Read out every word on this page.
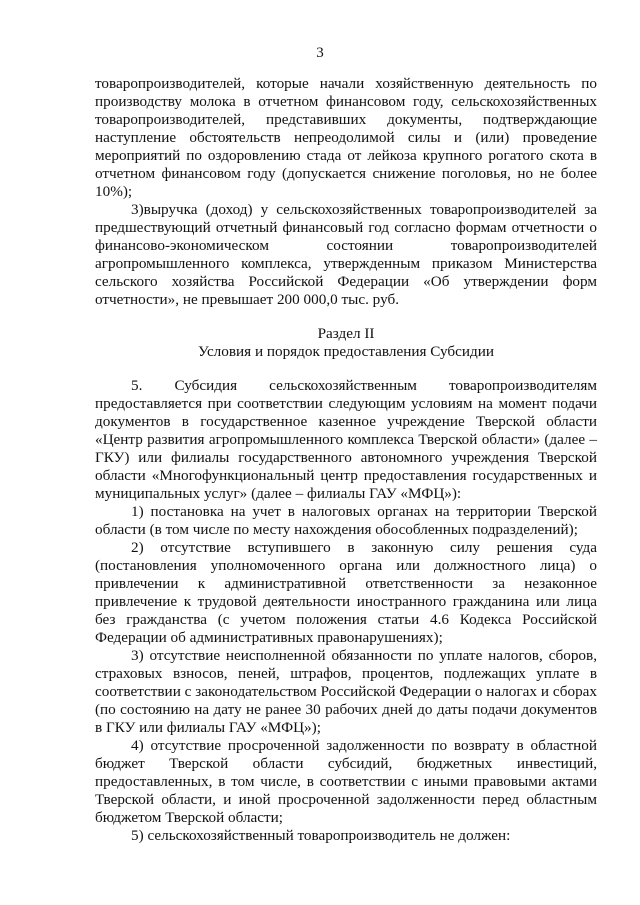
3

товаропроизводителей, которые начали хозяйственную деятельность по производству молока в отчетном финансовом году, сельскохозяйственных товаропроизводителей, представивших документы, подтверждающие наступление обстоятельств непреодолимой силы и (или) проведение мероприятий по оздоровлению стада от лейкоза крупного рогатого скота в отчетном финансовом году (допускается снижение поголовья, но не более 10%);

3)выручка (доход) у сельскохозяйственных товаропроизводителей за предшествующий отчетный финансовый год согласно формам отчетности о финансово-экономическом состоянии товаропроизводителей агропромышленного комплекса, утвержденным приказом Министерства сельского хозяйства Российской Федерации «Об утверждении форм отчетности», не превышает 200 000,0 тыс. руб.

Раздел II

Условия и порядок предоставления Субсидии

5. Субсидия сельскохозяйственным товаропроизводителям предоставляется при соответствии следующим условиям на момент подачи документов в государственное казенное учреждение Тверской области «Центр развития агропромышленного комплекса Тверской области» (далее – ГКУ) или филиалы государственного автономного учреждения Тверской области «Многофункциональный центр предоставления государственных и муниципальных услуг» (далее – филиалы ГАУ «МФЦ»):

1) постановка на учет в налоговых органах на территории Тверской области (в том числе по месту нахождения обособленных подразделений);

2) отсутствие вступившего в законную силу решения суда (постановления уполномоченного органа или должностного лица) о привлечении к административной ответственности за незаконное привлечение к трудовой деятельности иностранного гражданина или лица без гражданства (с учетом положения статьи 4.6 Кодекса Российской Федерации об административных правонарушениях);

3) отсутствие неисполненной обязанности по уплате налогов, сборов, страховых взносов, пеней, штрафов, процентов, подлежащих уплате в соответствии с законодательством Российской Федерации о налогах и сборах (по состоянию на дату не ранее 30 рабочих дней до даты подачи документов в ГКУ или филиалы ГАУ «МФЦ»);

4) отсутствие просроченной задолженности по возврату в областной бюджет Тверской области субсидий, бюджетных инвестиций, предоставленных, в том числе, в соответствии с иными правовыми актами Тверской области, и иной просроченной задолженности перед областным бюджетом Тверской области;

5) сельскохозяйственный товаропроизводитель не должен:
